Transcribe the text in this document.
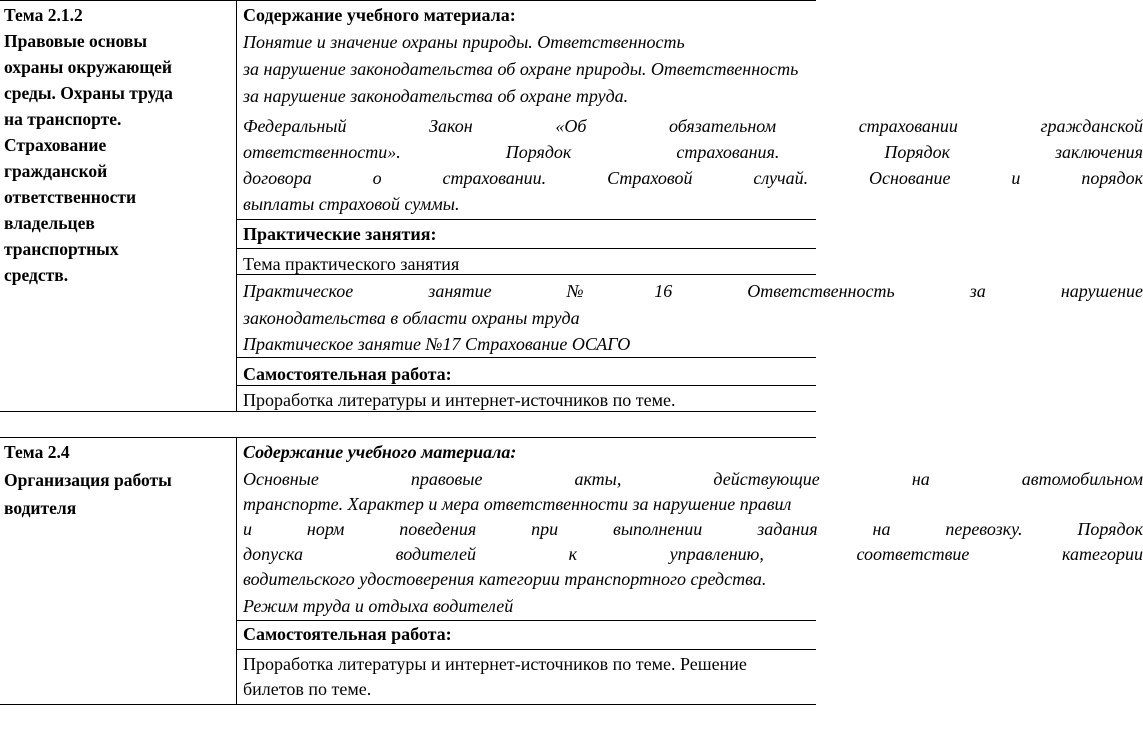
Тема 2.1.2
Правовые основы
охраны окружающей
среды. Охраны труда
на транспорте.
Страхование
гражданской
ответственности
владельцев
транспортных
средств.
Содержание учебного материала:
Понятие и значение охраны природы. Ответственность
за нарушение законодательства об охране природы. Ответственность
за нарушение законодательства об охране труда.
Федеральный Закон «Об обязательном страховании гражданской
ответственности». Порядок страхования. Порядок заключения
договора о страховании. Страховой случай. Основание и порядок
выплаты страховой суммы.
Практические занятия:
Тема практического занятия
Практическое занятие №16 Ответственность за нарушение
законодательства в области охраны труда
Практическое занятие №17 Страхование ОСАГО
Самостоятельная работа:
Проработка литературы и интернет-источников по теме.
Тема 2.4
Организация работы
водителя
Содержание учебного материала:
Основные правовые акты, действующие на автомобильном
транспорте. Характер и мера ответственности за нарушение правил
и норм поведения при выполнении задания на перевозку. Порядок
допуска водителей к управлению, соответствие категории
водительского удостоверения категории транспортного средства.
Режим труда и отдыха водителей
Самостоятельная работа:
Проработка литературы и интернет-источников по теме. Решение
билетов по теме.
